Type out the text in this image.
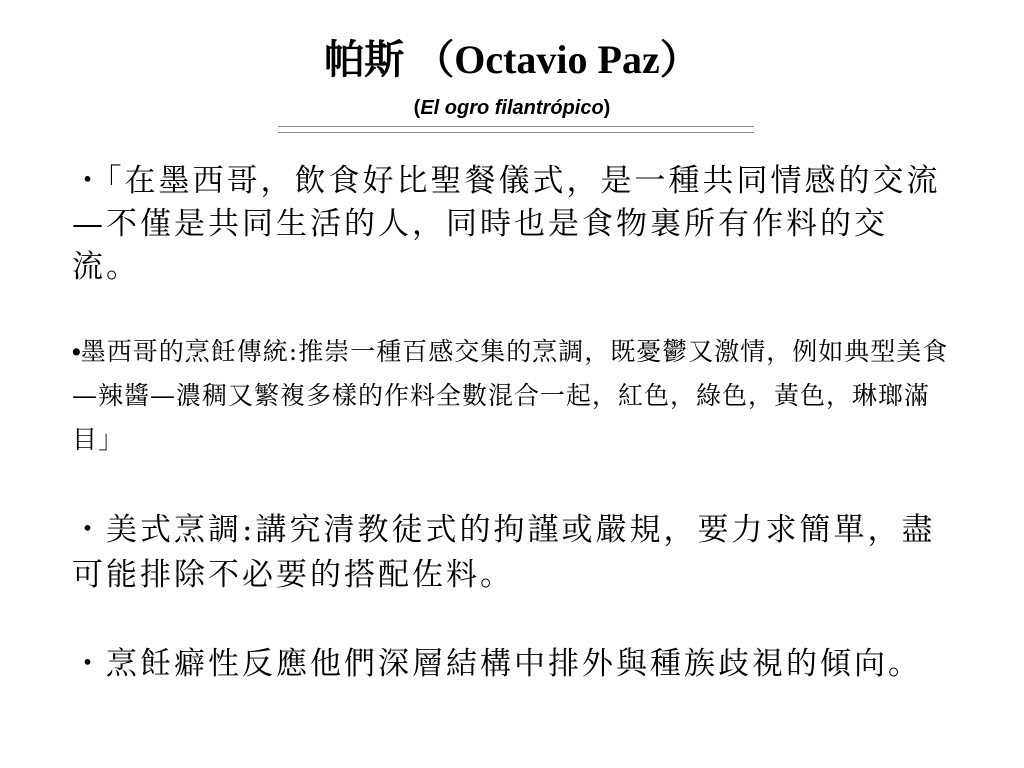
帕斯 （Octavio Paz）
(El ogro filantrópico)
・「在墨西哥，飲食好比聖餐儀式，是一種共同情感的交流—不僅是共同生活的人，同時也是食物裏所有作料的交流。
•墨西哥的烹飪傳統:推崇一種百感交集的烹調，既憂鬱又激情，例如典型美食—辣醬—濃稠又繁複多樣的作料全數混合一起，紅色，綠色，黃色，琳瑯滿目」
・美式烹調:講究清教徒式的拘謹或嚴規，要力求簡單，盡可能排除不必要的搭配佐料。
・烹飪癖性反應他們深層結構中排外與種族歧視的傾向。
